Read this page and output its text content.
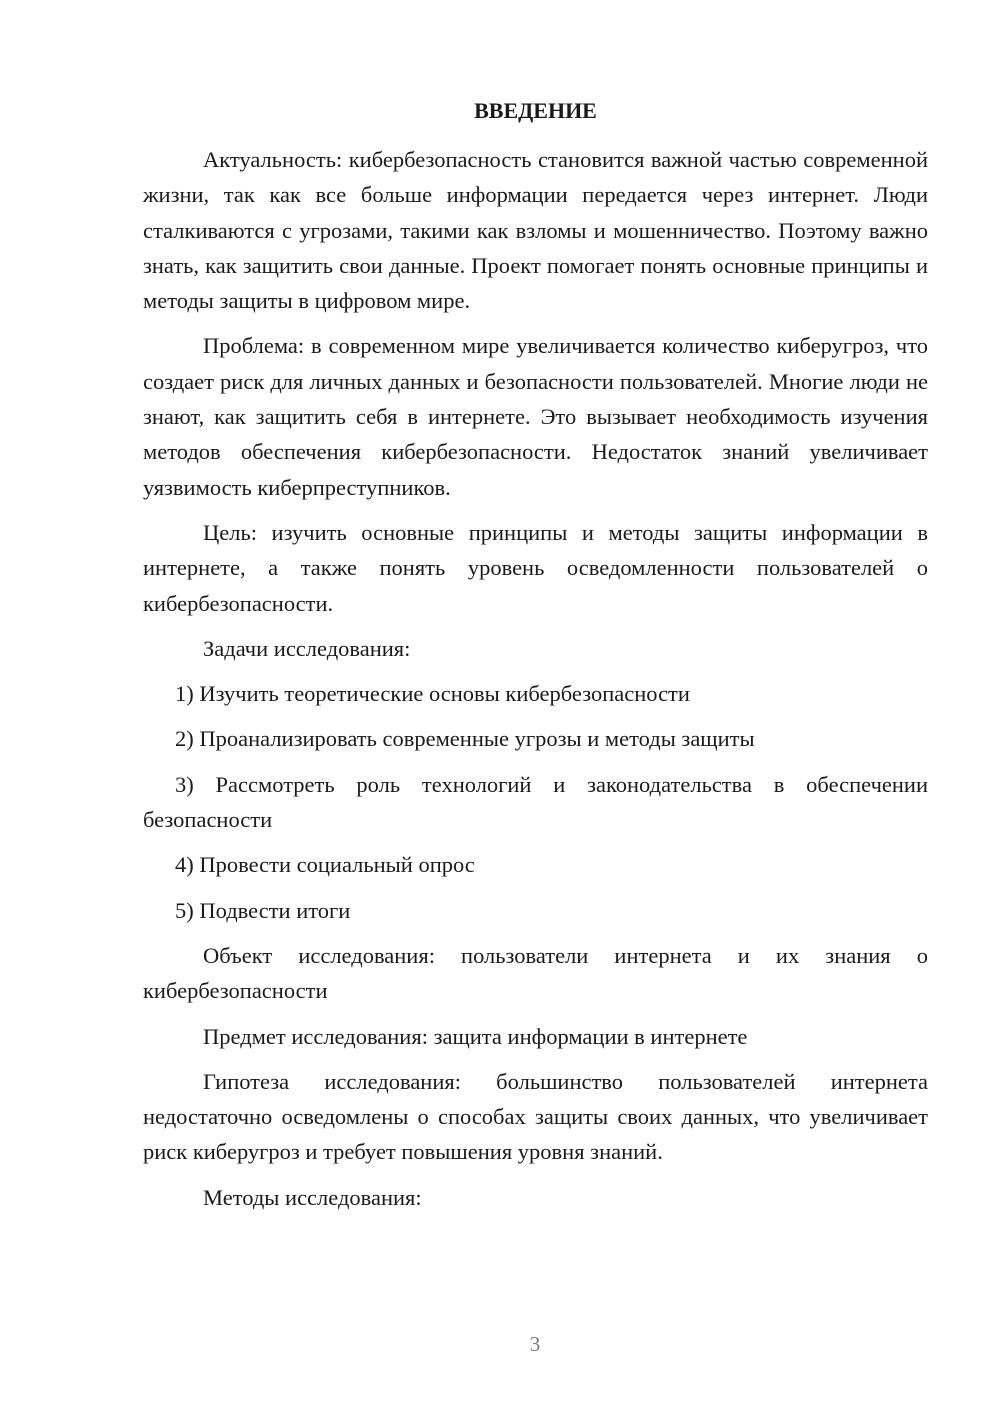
ВВЕДЕНИЕ

Актуальность: кибербезопасность становится важной частью современной жизни, так как все больше информации передается через интернет. Люди сталкиваются с угрозами, такими как взломы и мошенничество. Поэтому важно знать, как защитить свои данные. Проект помогает понять основные принципы и методы защиты в цифровом мире.

Проблема: в современном мире увеличивается количество киберугроз, что создает риск для личных данных и безопасности пользователей. Многие люди не знают, как защитить себя в интернете. Это вызывает необходимость изучения методов обеспечения кибербезопасности. Недостаток знаний увеличивает уязвимость киберпреступников.

Цель: изучить основные принципы и методы защиты информации в интернете, а также понять уровень осведомленности пользователей о кибербезопасности.

Задачи исследования:

1) Изучить теоретические основы кибербезопасности

2) Проанализировать современные угрозы и методы защиты

3) Рассмотреть роль технологий и законодательства в обеспечении безопасности

4) Провести социальный опрос

5) Подвести итоги

Объект исследования: пользователи интернета и их знания о кибербезопасности

Предмет исследования: защита информации в интернете

Гипотеза исследования: большинство пользователей интернета недостаточно осведомлены о способах защиты своих данных, что увеличивает риск киберугроз и требует повышения уровня знаний.

Методы исследования:

3
